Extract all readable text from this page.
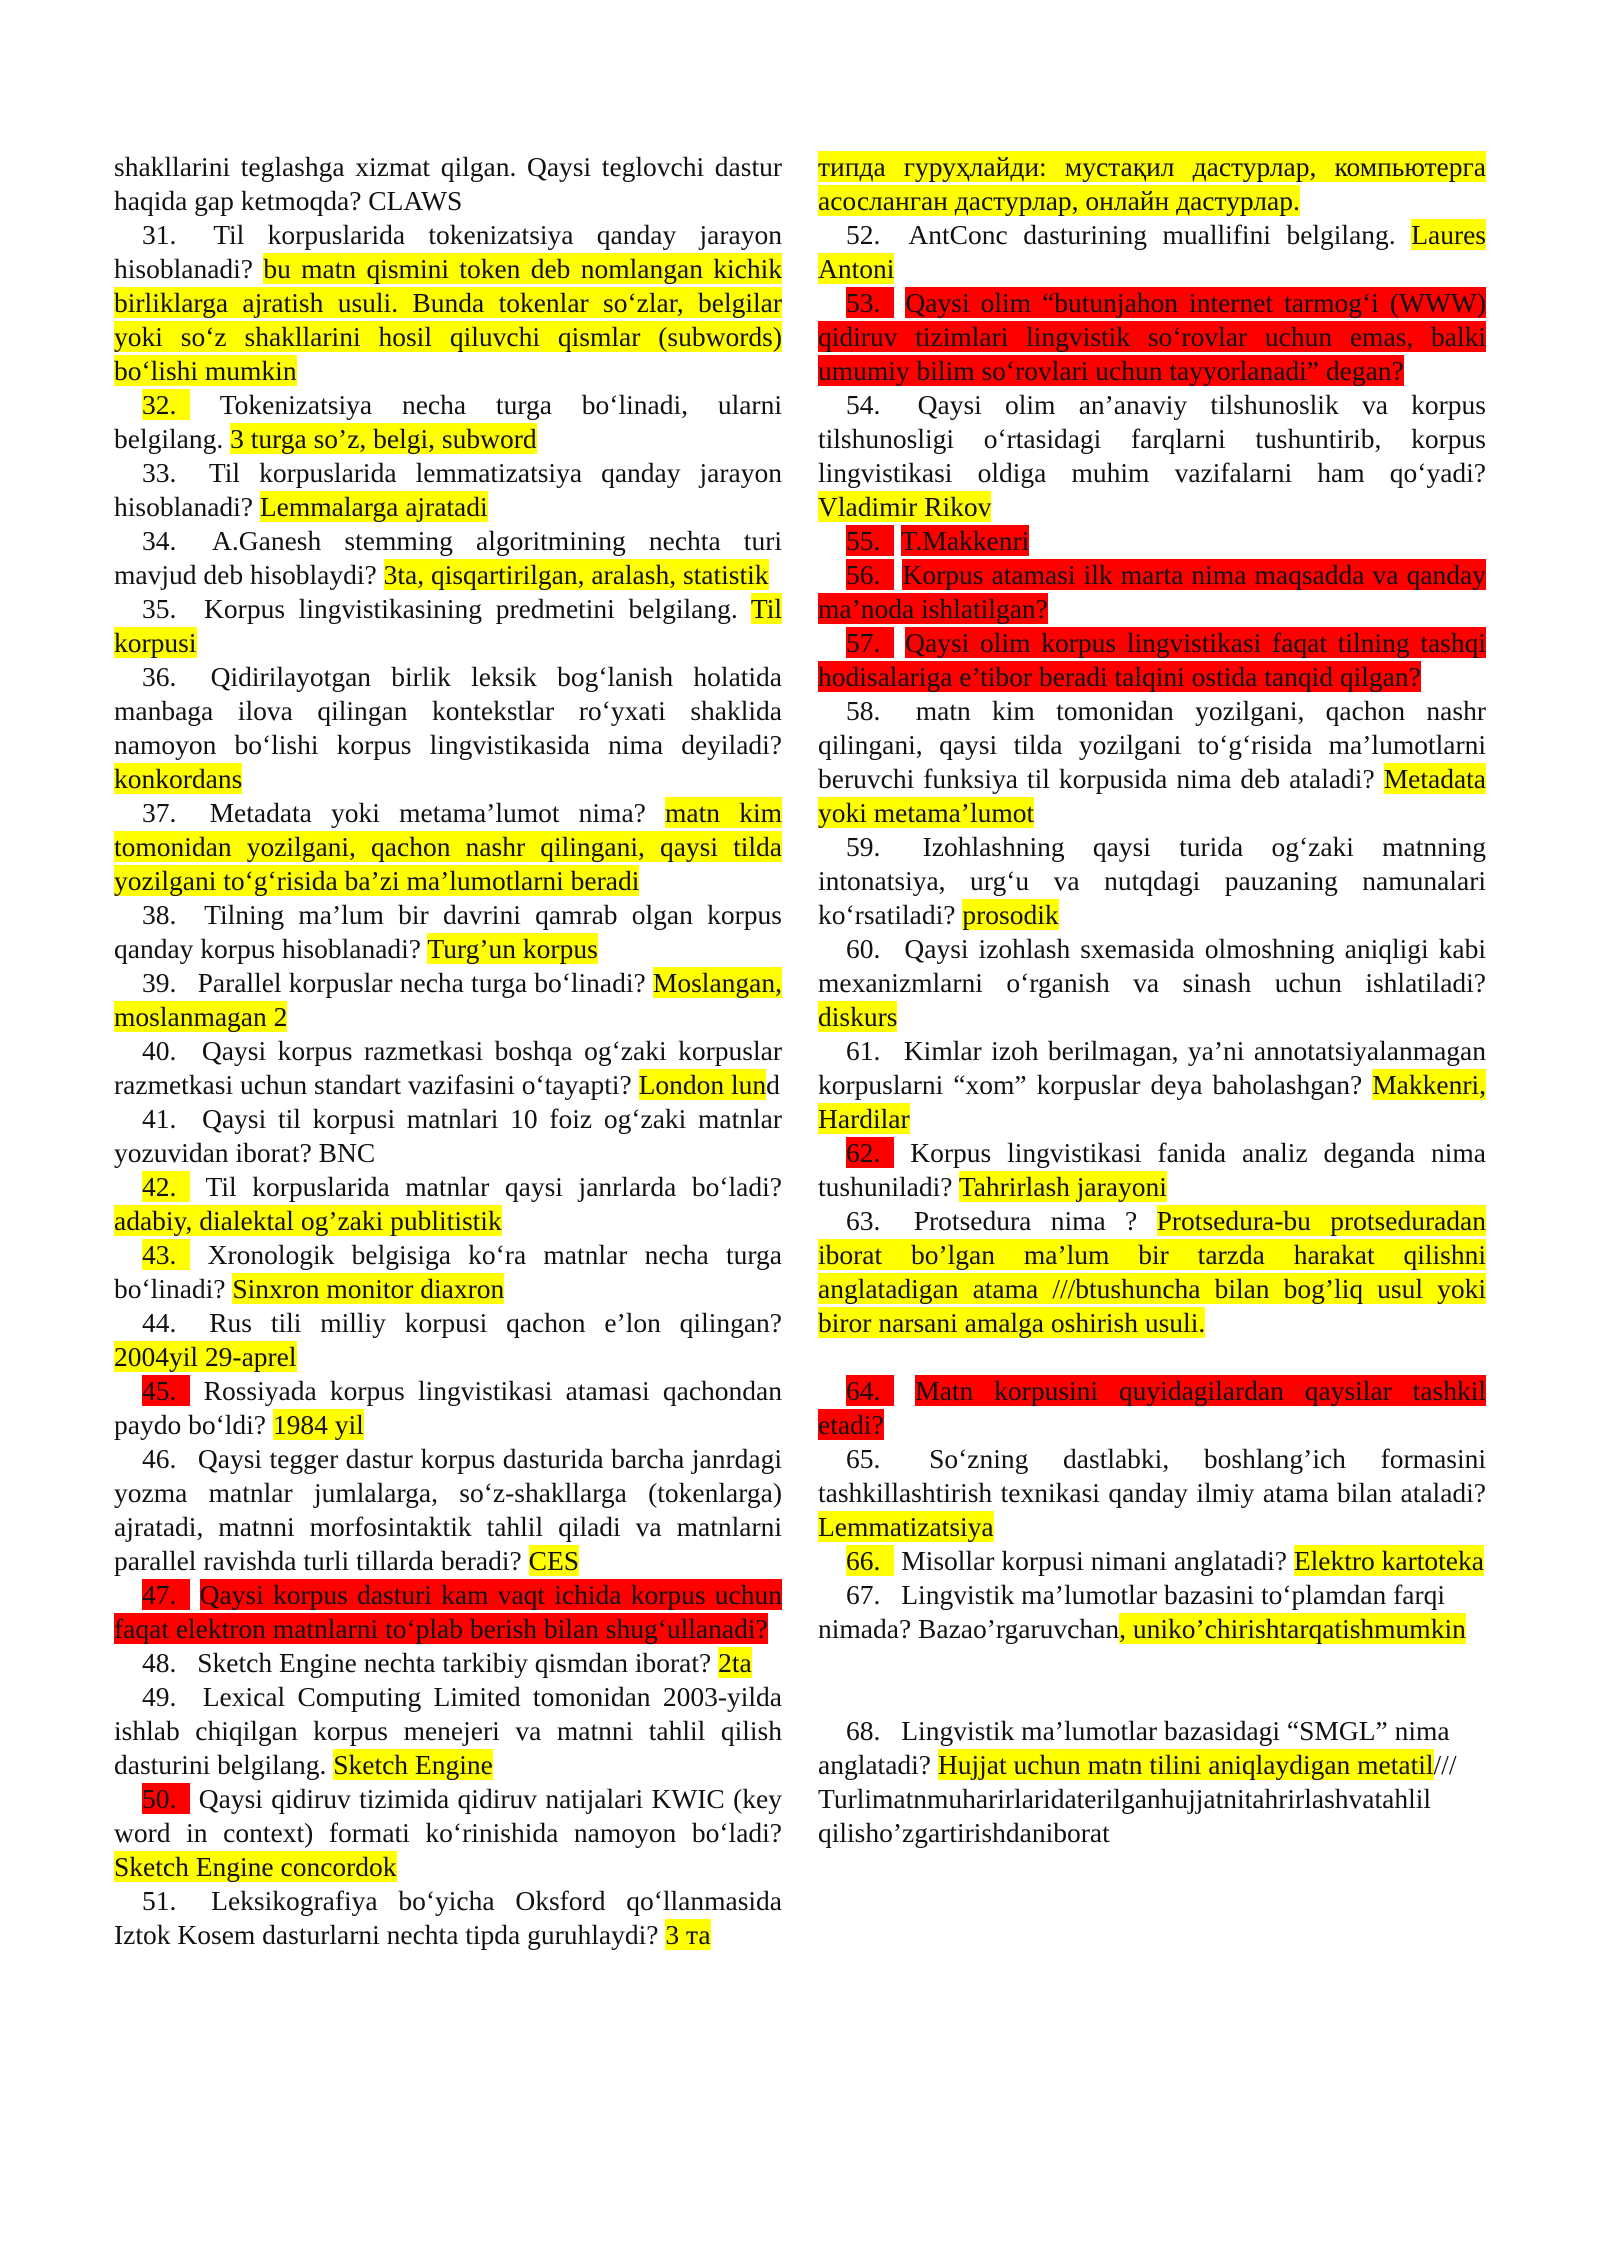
shakllarini teglashga xizmat qilgan. Qaysi teglovchi dastur haqida gap ketmoqda? CLAWS

31. Til korpuslarida tokenizatsiya qanday jarayon hisoblanadi? bu matn qismini token deb nomlangan kichik birliklarga ajratish usuli. Bunda tokenlar so‘zlar, belgilar yoki so‘z shakllarini hosil qiluvchi qismlar (subwords) bo‘lishi mumkin

32. Tokenizatsiya necha turga bo‘linadi, ularni belgilang. 3 turga so’z, belgi, subword

33. Til korpuslarida lemmatizatsiya qanday jarayon hisoblanadi? Lemmalarga ajratadi

34. A.Ganesh stemming algoritmining nechta turi mavjud deb hisoblaydi? 3ta, qisqartirilgan, aralash, statistik

35. Korpus lingvistikasining predmetini belgilang. Til korpusi

36. Qidirilayotgan birlik leksik bog‘lanish holatida manbaga ilova qilingan kontekstlar ro‘yxati shaklida namoyon bo‘lishi korpus lingvistikasida nima deyiladi? konkordans

37. Metadata yoki metama’lumot nima? matn kim tomonidan yozilgani, qachon nashr qilingani, qaysi tilda yozilgani to‘g‘risida ba’zi ma’lumotlarni beradi

38. Tilning ma’lum bir davrini qamrab olgan korpus qanday korpus hisoblanadi? Turg’un korpus

39. Parallel korpuslar necha turga bo‘linadi? Moslangan, moslanmagan 2

40. Qaysi korpus razmetkasi boshqa og‘zaki korpuslar razmetkasi uchun standart vazifasini o‘tayapti? London lund

41. Qaysi til korpusi matnlari 10 foiz og‘zaki matnlar yozuvidan iborat? BNC

42. Til korpuslarida matnlar qaysi janrlarda bo‘ladi?adabiy, dialektal og’zaki publitistik

43. Xronologik belgisiga ko‘ra matnlar necha turga bo‘linadi? Sinxron monitor diaxron

44. Rus tili milliy korpusi qachon e’lon qilingan? 2004yil 29-aprel

45. Rossiyada korpus lingvistikasi atamasi qachondan paydo bo‘ldi? 1984 yil

46. Qaysi tegger dastur korpus dasturida barcha janrdagi yozma matnlar jumlalarga, so‘z-shakllarga (tokenlarga) ajratadi, matnni morfosintaktik tahlil qiladi va matnlarni parallel ravishda turli tillarda beradi? CES

47. Qaysi korpus dasturi kam vaqt ichida korpus uchun faqat elektron matnlarni to‘plab berish bilan shug‘ullanadi?

48. Sketch Engine nechta tarkibiy qismdan iborat? 2ta

49. Lexical Computing Limited tomonidan 2003-yilda ishlab chiqilgan korpus menejeri va matnni tahlil qilish dasturini belgilang. Sketch Engine

50. Qaysi qidiruv tizimida qidiruv natijalari KWIC (key word in context) formati ko‘rinishida namoyon bo‘ladi? Sketch Engine concordok

51. Leksikografiya bo‘yicha Oksford qo‘llanmasida Iztok Kosem dasturlarni nechta tipda guruhlaydi? 3 та

типда гуруҳлайди: мустақил дастурлар, компьютерга асосланган дастурлар, онлайн дастурлар.

52. AntConc dasturining muallifini belgilang. Laures Antoni

53. Qaysi olim “butunjahon internet tarmog‘i (WWW) qidiruv tizimlari lingvistik so‘rovlar uchun emas, balki umumiy bilim so‘rovlari uchun tayyorlanadi” degan?

54. Qaysi olim an’anaviy tilshunoslik va korpus tilshunosligi o‘rtasidagi farqlarni tushuntirib, korpus lingvistikasi oldiga muhim vazifalarni ham qo‘yadi? Vladimir Rikov

55. T.Makkenri

56. Korpus atamasi ilk marta nima maqsadda va qanday ma’noda ishlatilgan?

57. Qaysi olim korpus lingvistikasi faqat tilning tashqi hodisalariga e’tibor beradi talqini ostida tanqid qilgan?

58. matn kim tomonidan yozilgani, qachon nashr qilingani, qaysi tilda yozilgani to‘g‘risida ma’lumotlarni beruvchi funksiya til korpusida nima deb ataladi? Metadata yoki metama’lumot

59. Izohlashning qaysi turida og‘zaki matnning intonatsiya, urg‘u va nutqdagi pauzaning namunalari ko‘rsatiladi? prosodik

60. Qaysi izohlash sxemasida olmoshning aniqligi kabi mexanizmlarni o‘rganish va sinash uchun ishlatiladi? diskurs

61. Kimlar izoh berilmagan, ya’ni annotatsiyalanmagan korpuslarni “xom” korpuslar deya baholashgan? Makkenri, Hardilar

62. Korpus lingvistikasi fanida analiz deganda nima tushuniladi? Tahrirlash jarayoni

63. Protsedura nima ? Protsedura-bu protseduradan iborat bo’lgan ma’lum bir tarzda harakat qilishni anglatadigan atama ///btushuncha bilan bog’liq usul yoki biror narsani amalga oshirish usuli.

64. Matn korpusini quyidagilardan qaysilar tashkil etadi?

65. So‘zning dastlabki, boshlang’ich formasini tashkillashtirish texnikasi qanday ilmiy atama bilan ataladi? Lemmatizatsiya

66. Misollar korpusi nimani anglatadi? Elektro kartoteka

67. Lingvistik ma’lumotlar bazasini to‘plamdan farqi nimada? Bazao’rgaruvchan, uniko’chirishtarqatishmumkin

68. Lingvistik ma’lumotlar bazasidagi “SMGL” nima anglatadi? Hujjat uchun matn tilini aniqlaydigan metatil/// Turlimatnmuharirlaridaterilganhujjatnitahrirlashvatahlil qilisho’zgartirishdaniborat
